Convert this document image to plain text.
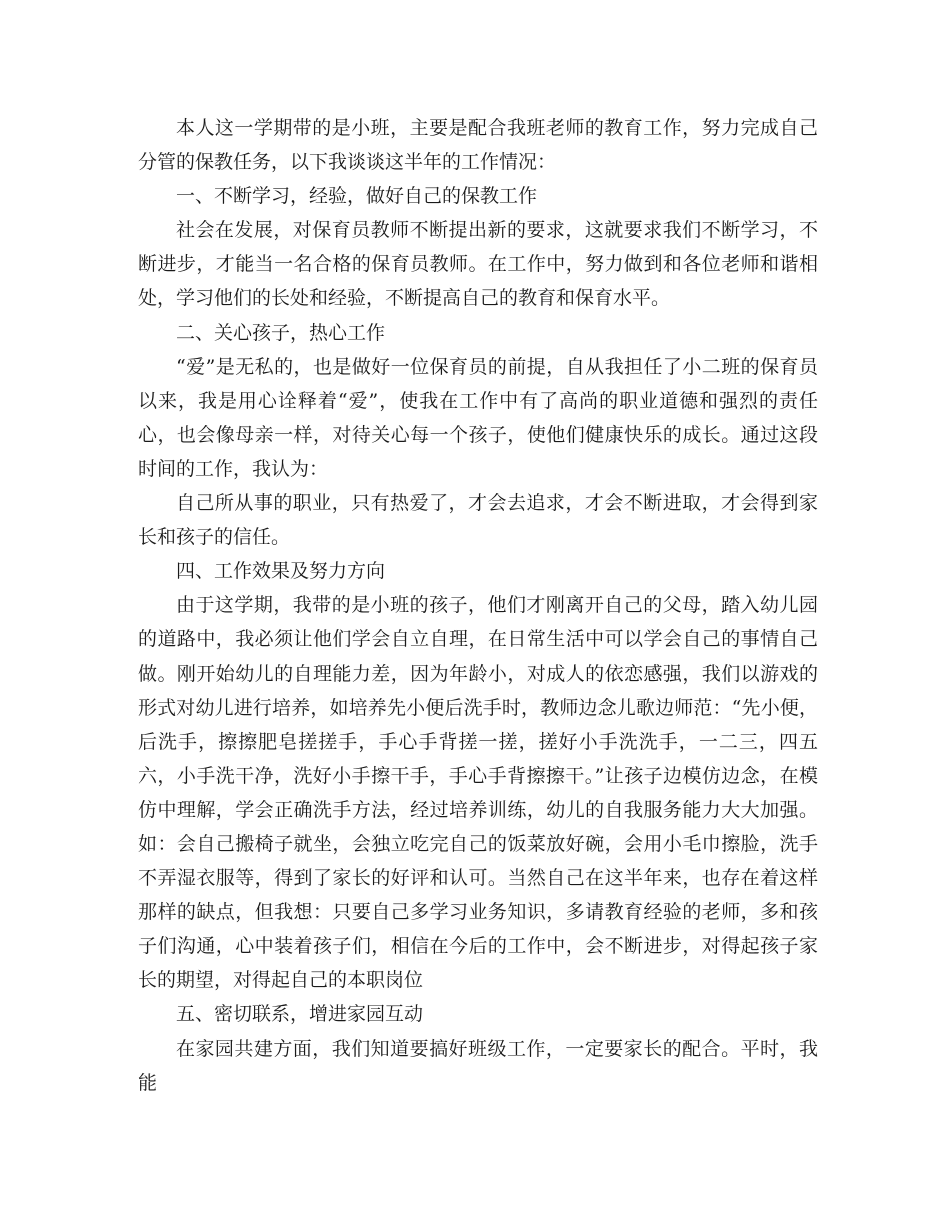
本人这一学期带的是小班，主要是配合我班老师的教育工作，努力完成自己分管的保教任务，以下我谈谈这半年的工作情况：

一、不断学习，经验，做好自己的保教工作

社会在发展，对保育员教师不断提出新的要求，这就要求我们不断学习，不断进步，才能当一名合格的保育员教师。在工作中，努力做到和各位老师和谐相处，学习他们的长处和经验，不断提高自己的教育和保育水平。

二、关心孩子，热心工作

“爱”是无私的，也是做好一位保育员的前提，自从我担任了小二班的保育员以来，我是用心诠释着“爱”，使我在工作中有了高尚的职业道德和强烈的责任心，也会像母亲一样，对待关心每一个孩子，使他们健康快乐的成长。通过这段时间的工作，我认为：

自己所从事的职业，只有热爱了，才会去追求，才会不断进取，才会得到家长和孩子的信任。

四、工作效果及努力方向

由于这学期，我带的是小班的孩子，他们才刚离开自己的父母，踏入幼儿园的道路中，我必须让他们学会自立自理，在日常生活中可以学会自己的事情自己做。刚开始幼儿的自理能力差，因为年龄小，对成人的依恋感强，我们以游戏的形式对幼儿进行培养，如培养先小便后洗手时，教师边念儿歌边师范：“先小便，后洗手，擦擦肥皂搓搓手，手心手背搓一搓，搓好小手洗洗手，一二三，四五六，小手洗干净，洗好小手擦干手，手心手背擦擦干。”让孩子边模仿边念，在模仿中理解，学会正确洗手方法，经过培养训练，幼儿的自我服务能力大大加强。如：会自己搬椅子就坐，会独立吃完自己的饭菜放好碗，会用小毛巾擦脸，洗手不弄湿衣服等，得到了家长的好评和认可。当然自己在这半年来，也存在着这样那样的缺点，但我想：只要自己多学习业务知识，多请教育经验的老师，多和孩子们沟通，心中装着孩子们，相信在今后的工作中，会不断进步，对得起孩子家长的期望，对得起自己的本职岗位

五、密切联系，增进家园互动

在家园共建方面，我们知道要搞好班级工作，一定要家长的配合。平时，我能
